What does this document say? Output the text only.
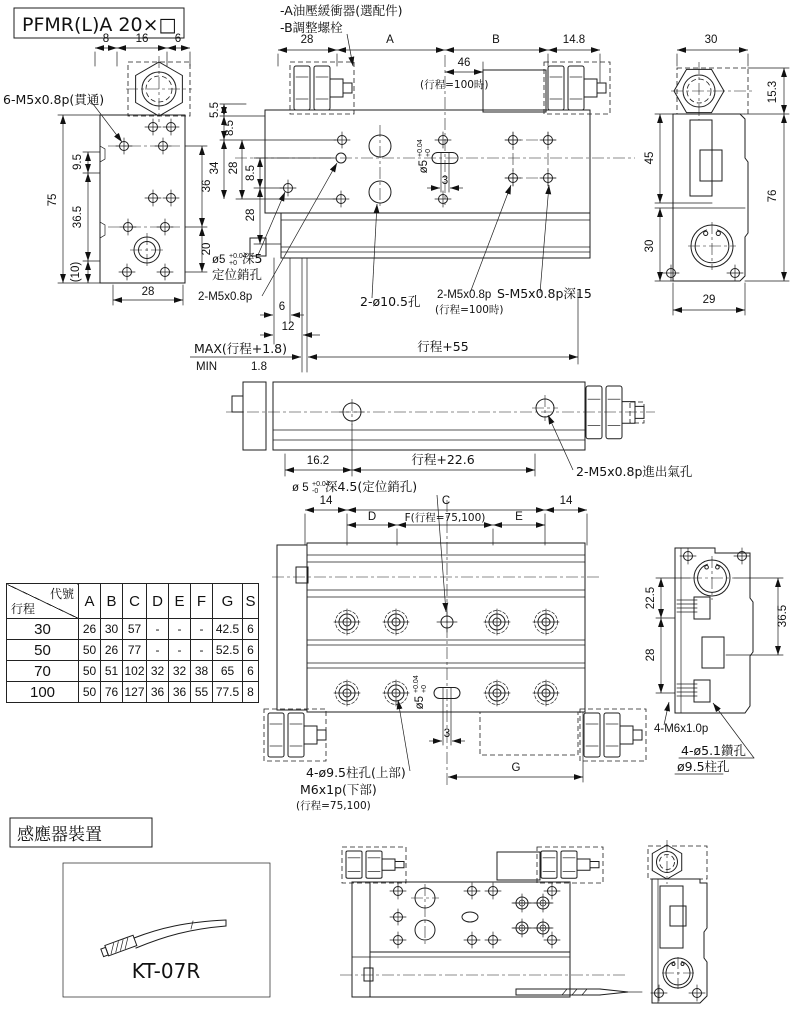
PFMR(L)A 20×□
-A油壓緩衝器(選配件)
-B調整螺栓
8 16 6
75
9.5
36.5
(10)
36
20
28
6-M5x0.8p(貫通)
28	A	B	14.8
46
(行程=100時)
ø5
+0.04 +0
3
5.5
8.5
34 28 8.5
28
ø5 +0.04
+0 深5
定位銷孔
2-M5x0.8p
6
12
2-ø10.5孔 2-M5x0.8p
(行程=100時)
S-M5x0.8p深15
MAX(行程+1.8)
MIN	1.8
行程+55
30
15.3
45
30
76
29
16.2	行程+22.6
2-M5x0.8p進出氣孔
ø 5 +0.04
-0 深4.5(定位銷孔)
14	C	14
D	F(行程=75,100)	E
ø5
+0.04 +0
3
G
4-ø9.5柱孔(上部)
M6x1p(下部)
(行程=75,100)
22.5
28
36.5
4-M6x1.0p
4-ø5.1鑽孔
ø9.5柱孔
感應器裝置
KT-07R
代號
行程	A	B	C	D	E	F	G	S
30	26	30	57	-	-	-	42.5	6
50	50	26	77	-	-	-	52.5	6
70	50	51	102	32	32	38	65	6
100	50	76	127	36	36	55	77.5	8
